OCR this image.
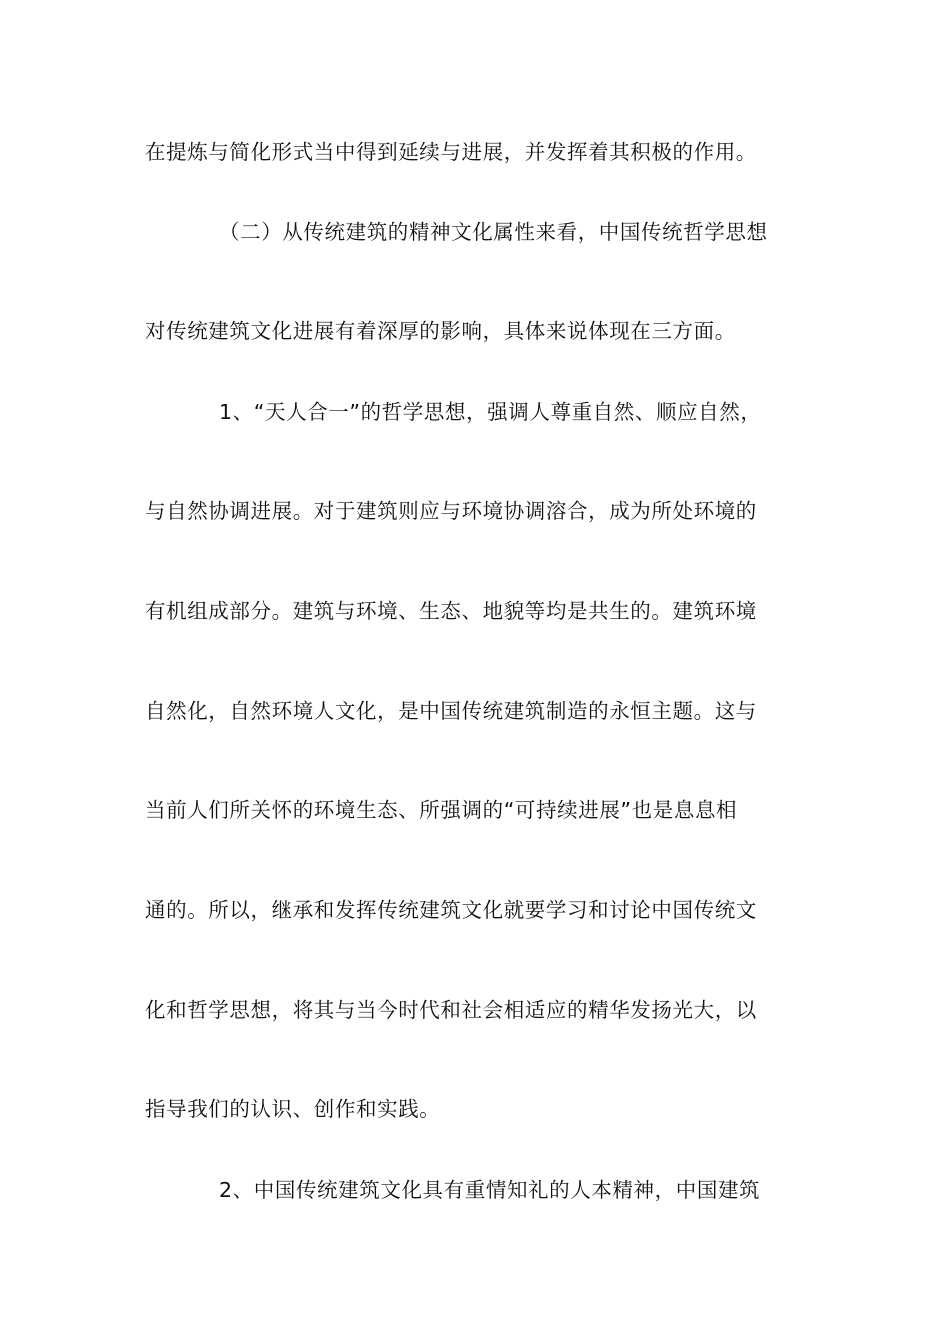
在提炼与简化形式当中得到延续与进展，并发挥着其积极的作用。
（二）从传统建筑的精神文化属性来看，中国传统哲学思想
对传统建筑文化进展有着深厚的影响，具体来说体现在三方面。
1、“天人合一”的哲学思想，强调人尊重自然、顺应自然，
与自然协调进展。对于建筑则应与环境协调溶合，成为所处环境的
有机组成部分。建筑与环境、生态、地貌等均是共生的。建筑环境
自然化，自然环境人文化，是中国传统建筑制造的永恒主题。这与
当前人们所关怀的环境生态、所强调的“可持续进展”也是息息相
通的。所以，继承和发挥传统建筑文化就要学习和讨论中国传统文
化和哲学思想，将其与当今时代和社会相适应的精华发扬光大，以
指导我们的认识、创作和实践。
2、中国传统建筑文化具有重情知礼的人本精神，中国建筑
